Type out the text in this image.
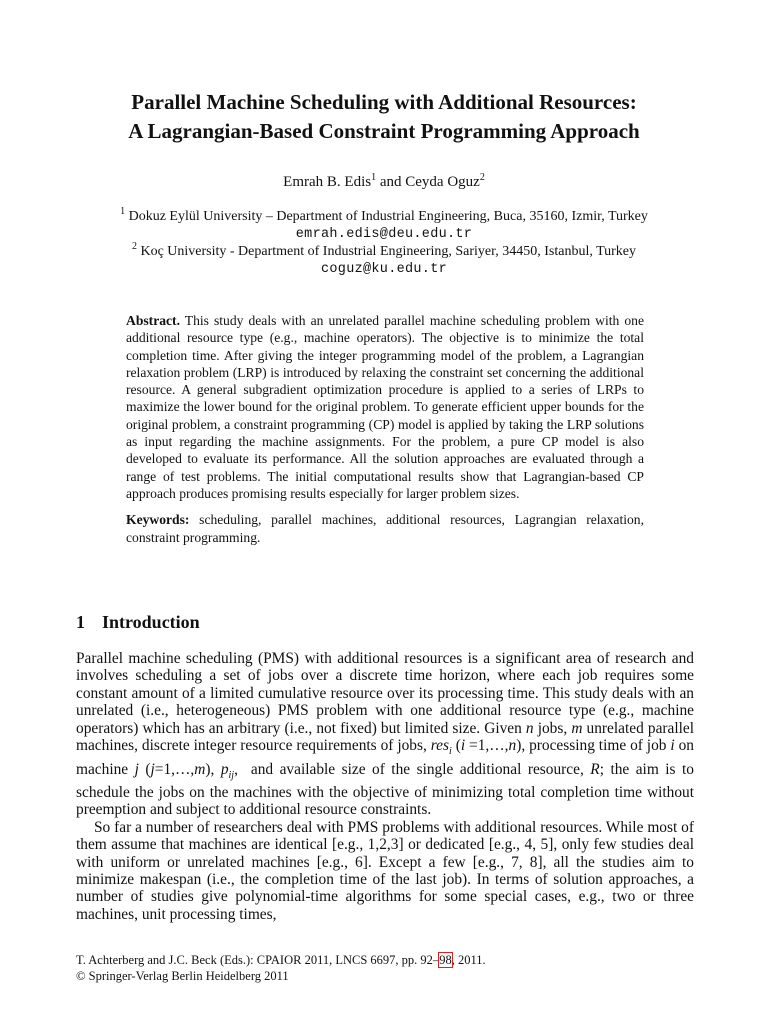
Parallel Machine Scheduling with Additional Resources:
A Lagrangian-Based Constraint Programming Approach
Emrah B. Edis$^1$ and Ceyda Oguz$^2$
$^1$ Dokuz Eylül University – Department of Industrial Engineering, Buca, 35160, Izmir, Turkey
emrah.edis@deu.edu.tr
$^2$ Koç University - Department of Industrial Engineering, Sariyer, 34450, Istanbul, Turkey
coguz@ku.edu.tr

Abstract. This study deals with an unrelated parallel machine scheduling problem with one additional resource type (e.g., machine operators). The objective is to minimize the total completion time. After giving the integer programming model of the problem, a Lagrangian relaxation problem (LRP) is introduced by relaxing the constraint set concerning the additional resource. A general subgradient optimization procedure is applied to a series of LRPs to maximize the lower bound for the original problem. To generate efficient upper bounds for the original problem, a constraint programming (CP) model is applied by taking the LRP solutions as input regarding the machine assignments. For the problem, a pure CP model is also developed to evaluate its performance. All the solution approaches are evaluated through a range of test problems. The initial computational results show that Lagrangian-based CP approach produces promising results especially for larger problem sizes.

Keywords: scheduling, parallel machines, additional resources, Lagrangian relaxation, constraint programming.

1 Introduction

Parallel machine scheduling (PMS) with additional resources is a significant area of research and involves scheduling a set of jobs over a discrete time horizon, where each job requires some constant amount of a limited cumulative resource over its processing time. This study deals with an unrelated (i.e., heterogeneous) PMS problem with one additional resource type (e.g., machine operators) which has an arbitrary (i.e., not fixed) but limited size. Given n jobs, m unrelated parallel machines, discrete integer resource requirements of jobs, res$_i$ (i =1,…,n), processing time of job i on machine j (j=1,…,m), $p_{ij}$,  and available size of the single additional resource, R; the aim is to schedule the jobs on the machines with the objective of minimizing total completion time without preemption and subject to additional resource constraints.

So far a number of researchers deal with PMS problems with additional resources. While most of them assume that machines are identical [e.g., 1,2,3] or dedicated [e.g., 4, 5], only few studies deal with uniform or unrelated machines [e.g., 6]. Except a few [e.g., 7, 8], all the studies aim to minimize makespan (i.e., the completion time of the last job). In terms of solution approaches, a number of studies give polynomial-time algorithms for some special cases, e.g., two or three machines, unit processing times,

T. Achterberg and J.C. Beck (Eds.): CPAIOR 2011, LNCS 6697, pp. 92–98, 2011.
© Springer-Verlag Berlin Heidelberg 2011
